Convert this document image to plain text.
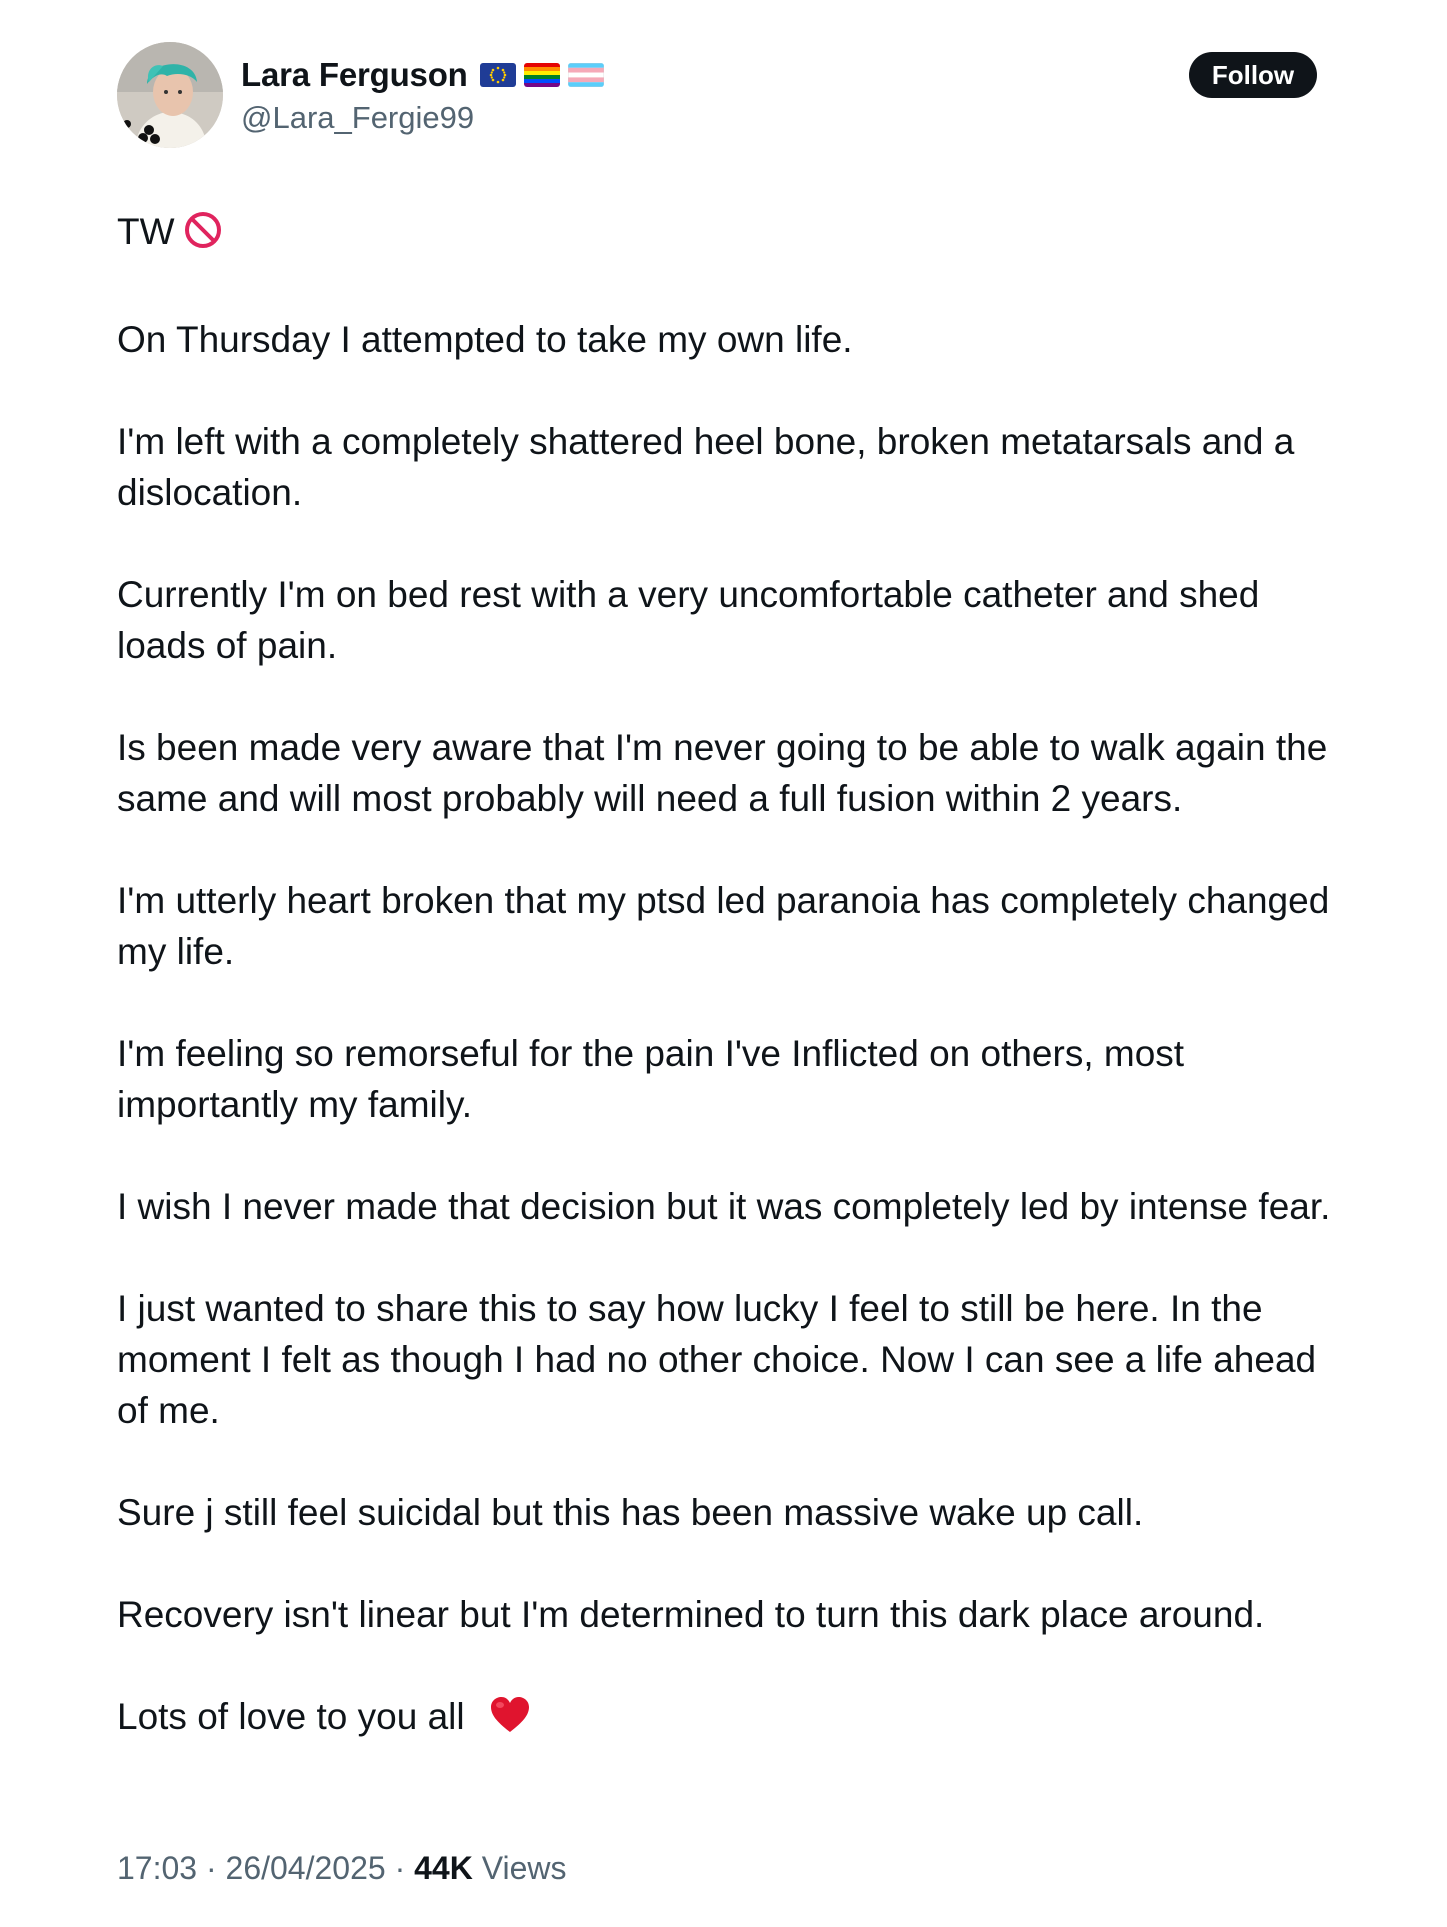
Lara Ferguson
@Lara_Fergie99
Follow

TW

On Thursday I attempted to take my own life.

I'm left with a completely shattered heel bone, broken metatarsals and a dislocation.

Currently I'm on bed rest with a very uncomfortable catheter and shed loads of pain.

Is been made very aware that I'm never going to be able to walk again the same and will most probably will need a full fusion within 2 years.

I'm utterly heart broken that my ptsd led paranoia has completely changed my life.

I'm feeling so remorseful for the pain I've Inflicted on others, most importantly my family.

I wish I never made that decision but it was completely led by intense fear.

I just wanted to share this to say how lucky I feel to still be here. In the moment I felt as though I had no other choice. Now I can see a life ahead of me.

Sure j still feel suicidal but this has been massive wake up call.

Recovery isn't linear but I'm determined to turn this dark place around.

Lots of love to you all

17:03 · 26/04/2025 · 44K Views
